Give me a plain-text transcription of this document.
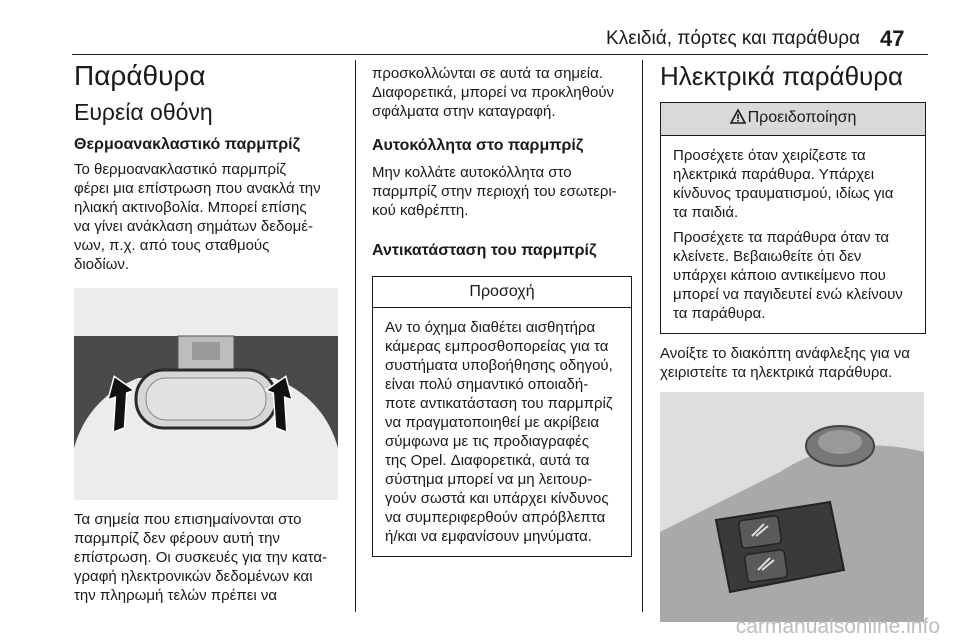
Κλειδιά, πόρτες και παράθυρα 47
Παράθυρα
Ευρεία οθόνη
Θερμοανακλαστικό παρμπρίζ
Το θερμοανακλαστικό παρμπρίζ
φέρει μια επίστρωση που ανακλά την
ηλιακή ακτινοβολία. Μπορεί επίσης
να γίνει ανάκλαση σημάτων δεδομέ-
νων, π.χ. από τους σταθμούς
διοδίων.
Τα σημεία που επισημαίνονται στο
παρμπρίζ δεν φέρουν αυτή την
επίστρωση. Οι συσκευές για την κατα-
γραφή ηλεκτρονικών δεδομένων και
την πληρωμή τελών πρέπει να
προσκολλώνται σε αυτά τα σημεία.
Διαφορετικά, μπορεί να προκληθούν
σφάλματα στην καταγραφή.
Αυτοκόλλητα στο παρμπρίζ
Μην κολλάτε αυτοκόλλητα στο
παρμπρίζ στην περιοχή του εσωτερι-
κού καθρέπτη.
Αντικατάσταση του παρμπρίζ
Προσοχή
Αν το όχημα διαθέτει αισθητήρα
κάμερας εμπροσθοπορείας για τα
συστήματα υποβοήθησης οδηγού,
είναι πολύ σημαντικό οποιαδή-
ποτε αντικατάσταση του παρμπρίζ
να πραγματοποιηθεί με ακρίβεια
σύμφωνα με τις προδιαγραφές
της Opel. Διαφορετικά, αυτά τα
σύστημα μπορεί να μη λειτουρ-
γούν σωστά και υπάρχει κίνδυνος
να συμπεριφερθούν απρόβλεπτα
ή/και να εμφανίσουν μηνύματα.
Ηλεκτρικά παράθυρα
Προειδοποίηση
Προσέχετε όταν χειρίζεστε τα
ηλεκτρικά παράθυρα. Υπάρχει
κίνδυνος τραυματισμού, ιδίως για
τα παιδιά.
Προσέχετε τα παράθυρα όταν τα
κλείνετε. Βεβαιωθείτε ότι δεν
υπάρχει κάποιο αντικείμενο που
μπορεί να παγιδευτεί ενώ κλείνουν
τα παράθυρα.
Ανοίξτε το διακόπτη ανάφλεξης για να
χειριστείτε τα ηλεκτρικά παράθυρα.
carmanualsonline.info
